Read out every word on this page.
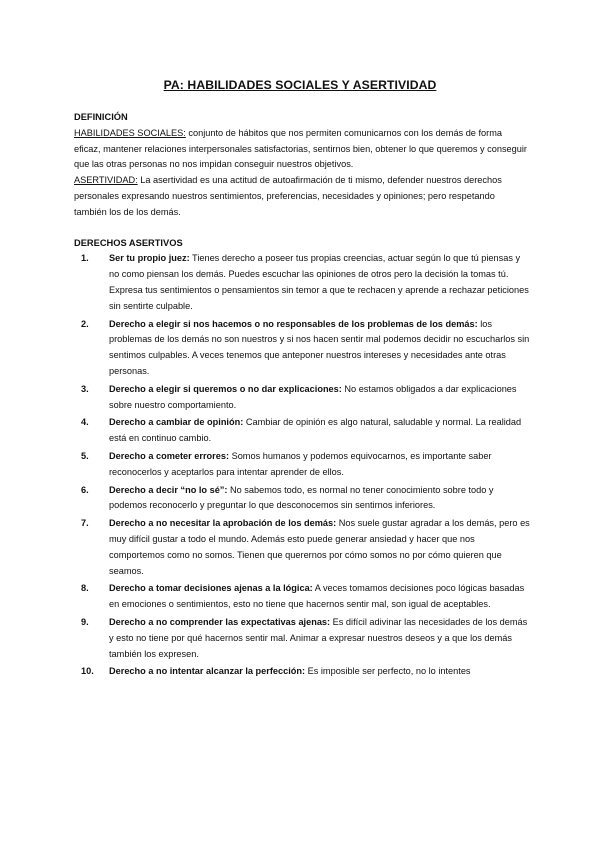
PA: HABILIDADES SOCIALES Y ASERTIVIDAD
DEFINICIÓN

HABILIDADES SOCIALES: conjunto de hábitos que nos permiten comunicarnos con los demás de forma eficaz, mantener relaciones interpersonales satisfactorias, sentirnos bien, obtener lo que queremos y conseguir que las otras personas no nos impidan conseguir nuestros objetivos.

ASERTIVIDAD: La asertividad es una actitud de autoafirmación de ti mismo, defender nuestros derechos personales expresando nuestros sentimientos, preferencias, necesidades y opiniones; pero respetando también los de los demás.

DERECHOS ASERTIVOS
1.	Ser tu propio juez: Tienes derecho a poseer tus propias creencias, actuar según lo que tú piensas y no como piensan los demás. Puedes escuchar las opiniones de otros pero la decisión la tomas tú. Expresa tus sentimientos o pensamientos sin temor a que te rechacen y aprende a rechazar peticiones sin sentirte culpable.
2.	Derecho a elegir si nos hacemos o no responsables de los problemas de los demás: los problemas de los demás no son nuestros y si nos hacen sentir mal podemos decidir no escucharlos sin sentimos culpables. A veces tenemos que anteponer nuestros intereses y necesidades ante otras personas.
3.	Derecho a elegir si queremos o no dar explicaciones: No estamos obligados a dar explicaciones sobre nuestro comportamiento.
4.	Derecho a cambiar de opinión: Cambiar de opinión es algo natural, saludable y normal. La realidad está en continuo cambio.
5.	Derecho a cometer errores: Somos humanos y podemos equivocarnos, es importante saber reconocerlos y aceptarlos para intentar aprender de ellos.
6.	Derecho a decir “no lo sé”: No sabemos todo, es normal no tener conocimiento sobre todo y podemos reconocerlo y preguntar lo que desconocemos sin sentirnos inferiores.
7.	Derecho a no necesitar la aprobación de los demás: Nos suele gustar agradar a los demás, pero es muy difícil gustar a todo el mundo. Además esto puede generar ansiedad y hacer que nos comportemos como no somos. Tienen que querernos por cómo somos no por cómo quieren que seamos.
8.	Derecho a tomar decisiones ajenas a la lógica: A veces tomamos decisiones poco lógicas basadas en emociones o sentimientos, esto no tiene que hacernos sentir mal, son igual de aceptables.
9.	Derecho a no comprender las expectativas ajenas: Es difícil adivinar las necesidades de los demás y esto no tiene por qué hacernos sentir mal. Animar a expresar nuestros deseos y a que los demás también los expresen.
10.	Derecho a no intentar alcanzar la perfección: Es imposible ser perfecto, no lo intentes
